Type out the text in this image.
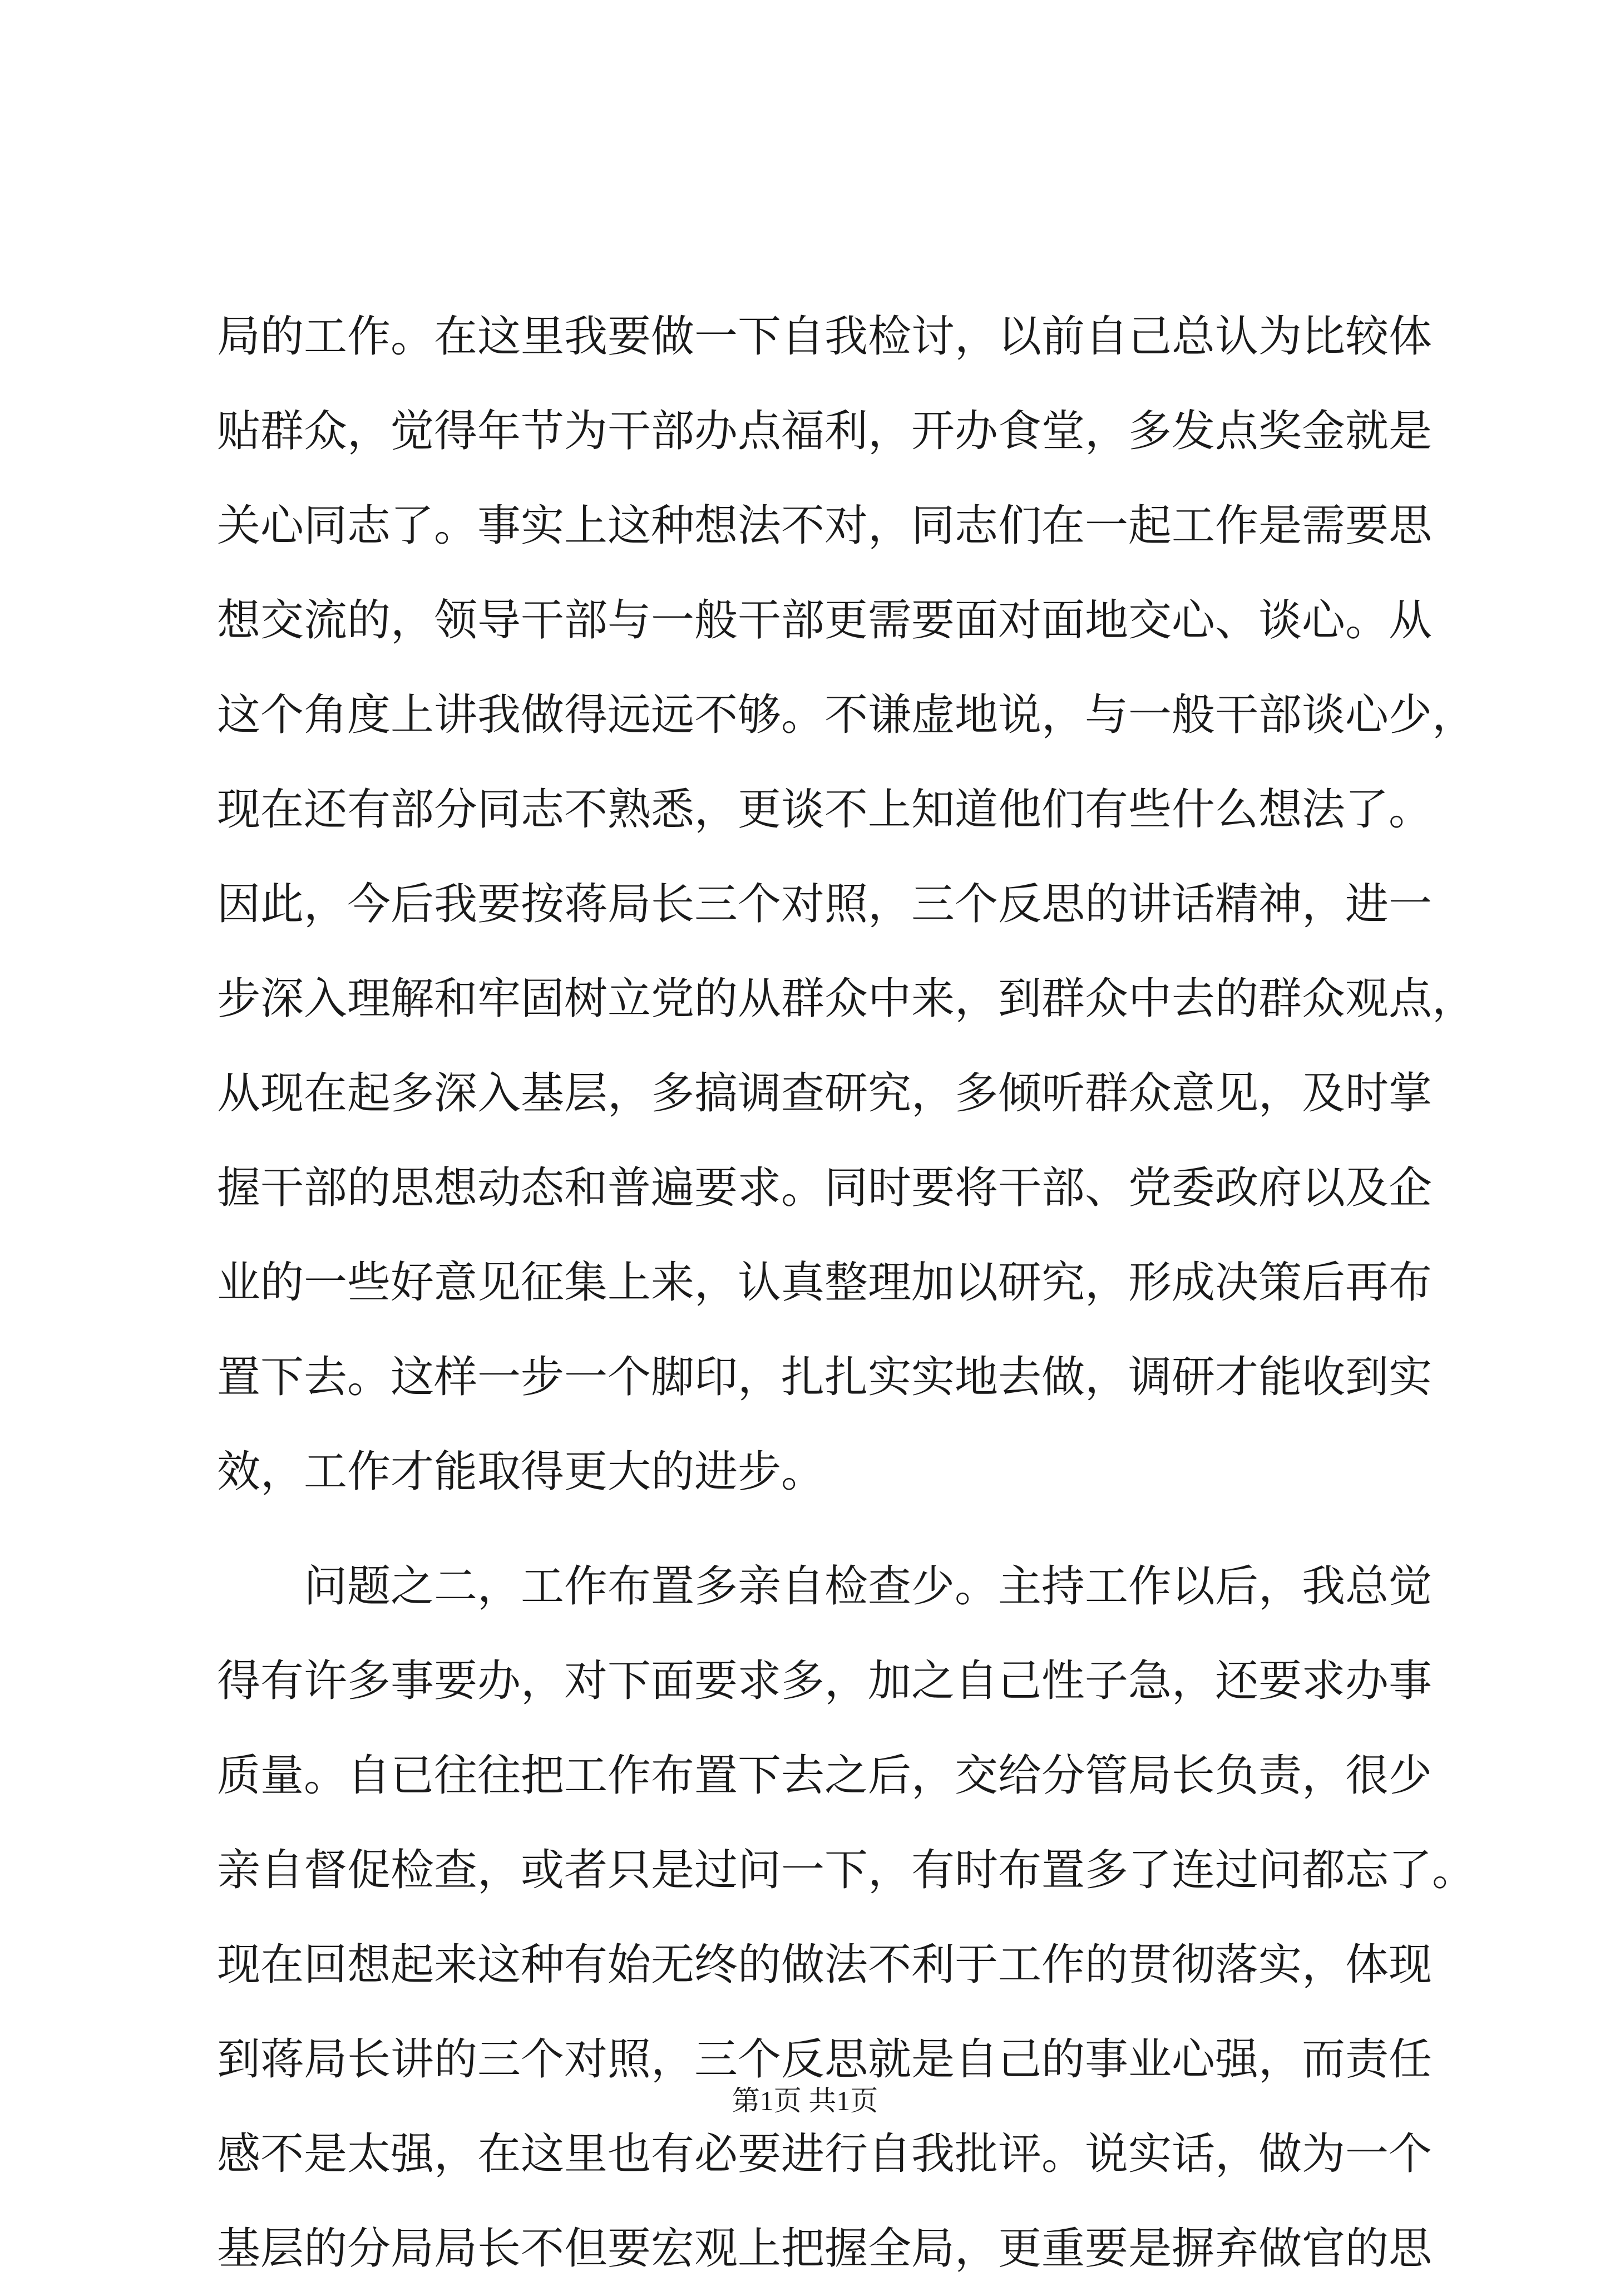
局的工作。在这里我要做一下自我检讨，以前自己总认为比较体
贴群众，觉得年节为干部办点福利，开办食堂，多发点奖金就是
关心同志了。事实上这种想法不对，同志们在一起工作是需要思
想交流的，领导干部与一般干部更需要面对面地交心、谈心。从
这个角度上讲我做得远远不够。不谦虚地说，与一般干部谈心少，
现在还有部分同志不熟悉，更谈不上知道他们有些什么想法了。
因此，今后我要按蒋局长三个对照，三个反思的讲话精神，进一
步深入理解和牢固树立党的从群众中来，到群众中去的群众观点，
从现在起多深入基层，多搞调查研究，多倾听群众意见，及时掌
握干部的思想动态和普遍要求。同时要将干部、党委政府以及企
业的一些好意见征集上来，认真整理加以研究，形成决策后再布
置下去。这样一步一个脚印，扎扎实实地去做，调研才能收到实
效，工作才能取得更大的进步。
问题之二，工作布置多亲自检查少。主持工作以后，我总觉
得有许多事要办，对下面要求多，加之自己性子急，还要求办事
质量。自已往往把工作布置下去之后，交给分管局长负责，很少
亲自督促检查，或者只是过问一下，有时布置多了连过问都忘了。
现在回想起来这种有始无终的做法不利于工作的贯彻落实，体现
到蒋局长讲的三个对照，三个反思就是自己的事业心强，而责任
感不是太强，在这里也有必要进行自我批评。说实话，做为一个
基层的分局局长不但要宏观上把握全局，更重要是摒弃做官的思
第1页 共1页
